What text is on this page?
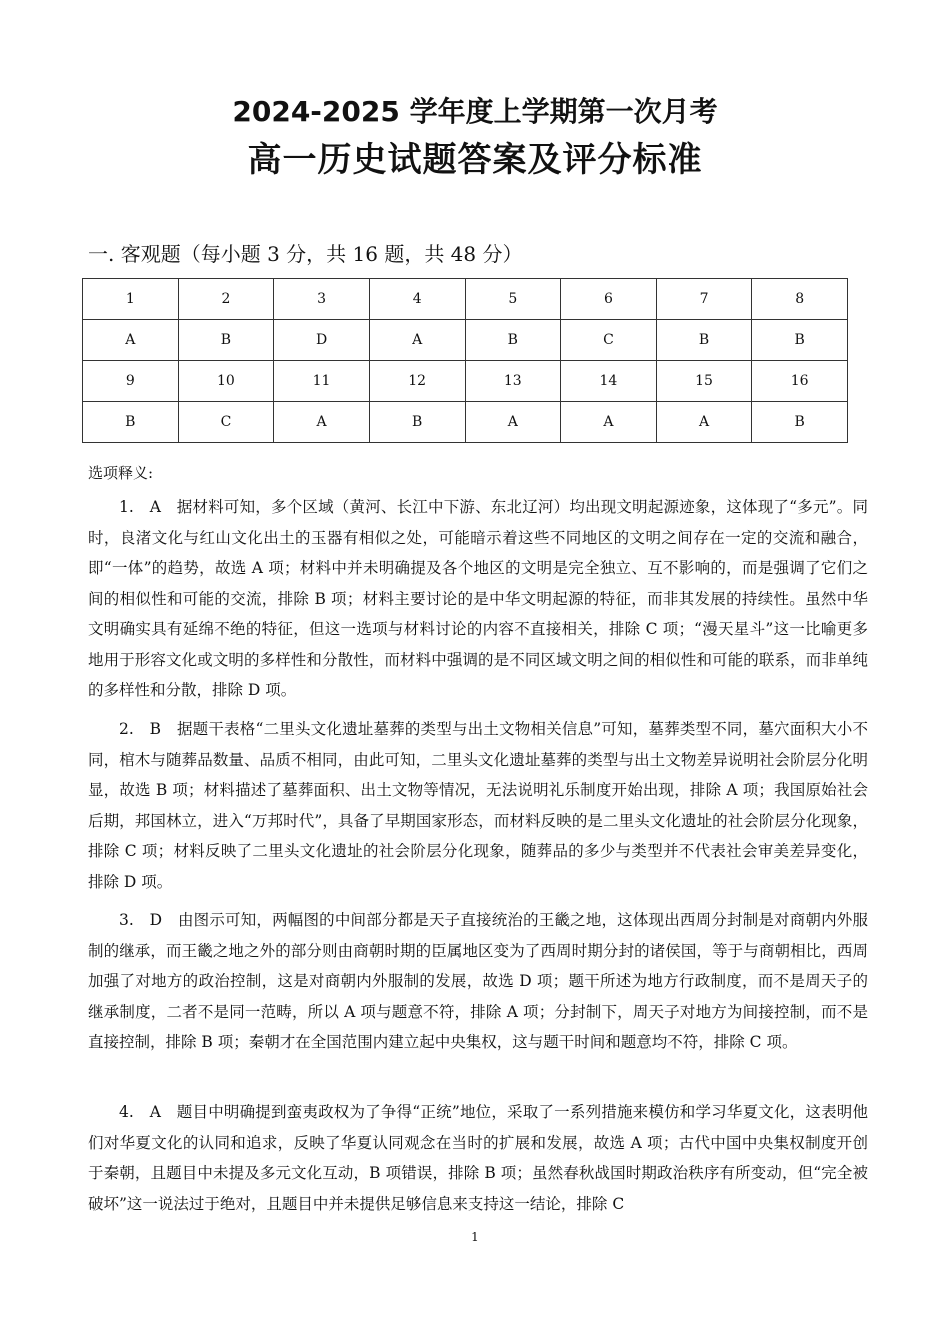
2024-2025 学年度上学期第一次月考
高一历史试题答案及评分标准
一. 客观题（每小题 3 分，共 16 题，共 48 分）
1	2	3	4	5	6	7	8
A	B	D	A	B	C	B	B
9	10	11	12	13	14	15	16
B	C	A	B	A	A	A	B
选项释义:

1.　A　据材料可知，多个区域（黄河、长江中下游、东北辽河）均出现文明起源迹象，这体现了“多元”。同时，良渚文化与红山文化出土的玉器有相似之处，可能暗示着这些不同地区的文明之间存在一定的交流和融合，即“一体”的趋势，故选 A 项；材料中并未明确提及各个地区的文明是完全独立、互不影响的，而是强调了它们之间的相似性和可能的交流，排除 B 项；材料主要讨论的是中华文明起源的特征，而非其发展的持续性。虽然中华文明确实具有延绵不绝的特征，但这一选项与材料讨论的内容不直接相关，排除 C 项；“漫天星斗”这一比喻更多地用于形容文化或文明的多样性和分散性，而材料中强调的是不同区域文明之间的相似性和可能的联系，而非单纯的多样性和分散，排除 D 项。

2.　B　据题干表格“二里头文化遗址墓葬的类型与出土文物相关信息”可知，墓葬类型不同，墓穴面积大小不同，棺木与随葬品数量、品质不相同，由此可知，二里头文化遗址墓葬的类型与出土文物差异说明社会阶层分化明显，故选 B 项；材料描述了墓葬面积、出土文物等情况，无法说明礼乐制度开始出现，排除 A 项；我国原始社会后期，邦国林立，进入“万邦时代”，具备了早期国家形态，而材料反映的是二里头文化遗址的社会阶层分化现象，排除 C 项；材料反映了二里头文化遗址的社会阶层分化现象，随葬品的多少与类型并不代表社会审美差异变化，排除 D 项。

3.　D　由图示可知，两幅图的中间部分都是天子直接统治的王畿之地，这体现出西周分封制是对商朝内外服制的继承，而王畿之地之外的部分则由商朝时期的臣属地区变为了西周时期分封的诸侯国，等于与商朝相比，西周加强了对地方的政治控制，这是对商朝内外服制的发展，故选 D 项；题干所述为地方行政制度，而不是周天子的继承制度，二者不是同一范畴，所以 A 项与题意不符，排除 A 项；分封制下，周天子对地方为间接控制，而不是直接控制，排除 B 项；秦朝才在全国范围内建立起中央集权，这与题干时间和题意均不符，排除 C 项。

4.　A　题目中明确提到蛮夷政权为了争得“正统”地位，采取了一系列措施来模仿和学习华夏文化，这表明他们对华夏文化的认同和追求，反映了华夏认同观念在当时的扩展和发展，故选 A 项；古代中国中央集权制度开创于秦朝，且题目中未提及多元文化互动，B 项错误，排除 B 项；虽然春秋战国时期政治秩序有所变动，但“完全被破坏”这一说法过于绝对，且题目中并未提供足够信息来支持这一结论，排除 C

1
